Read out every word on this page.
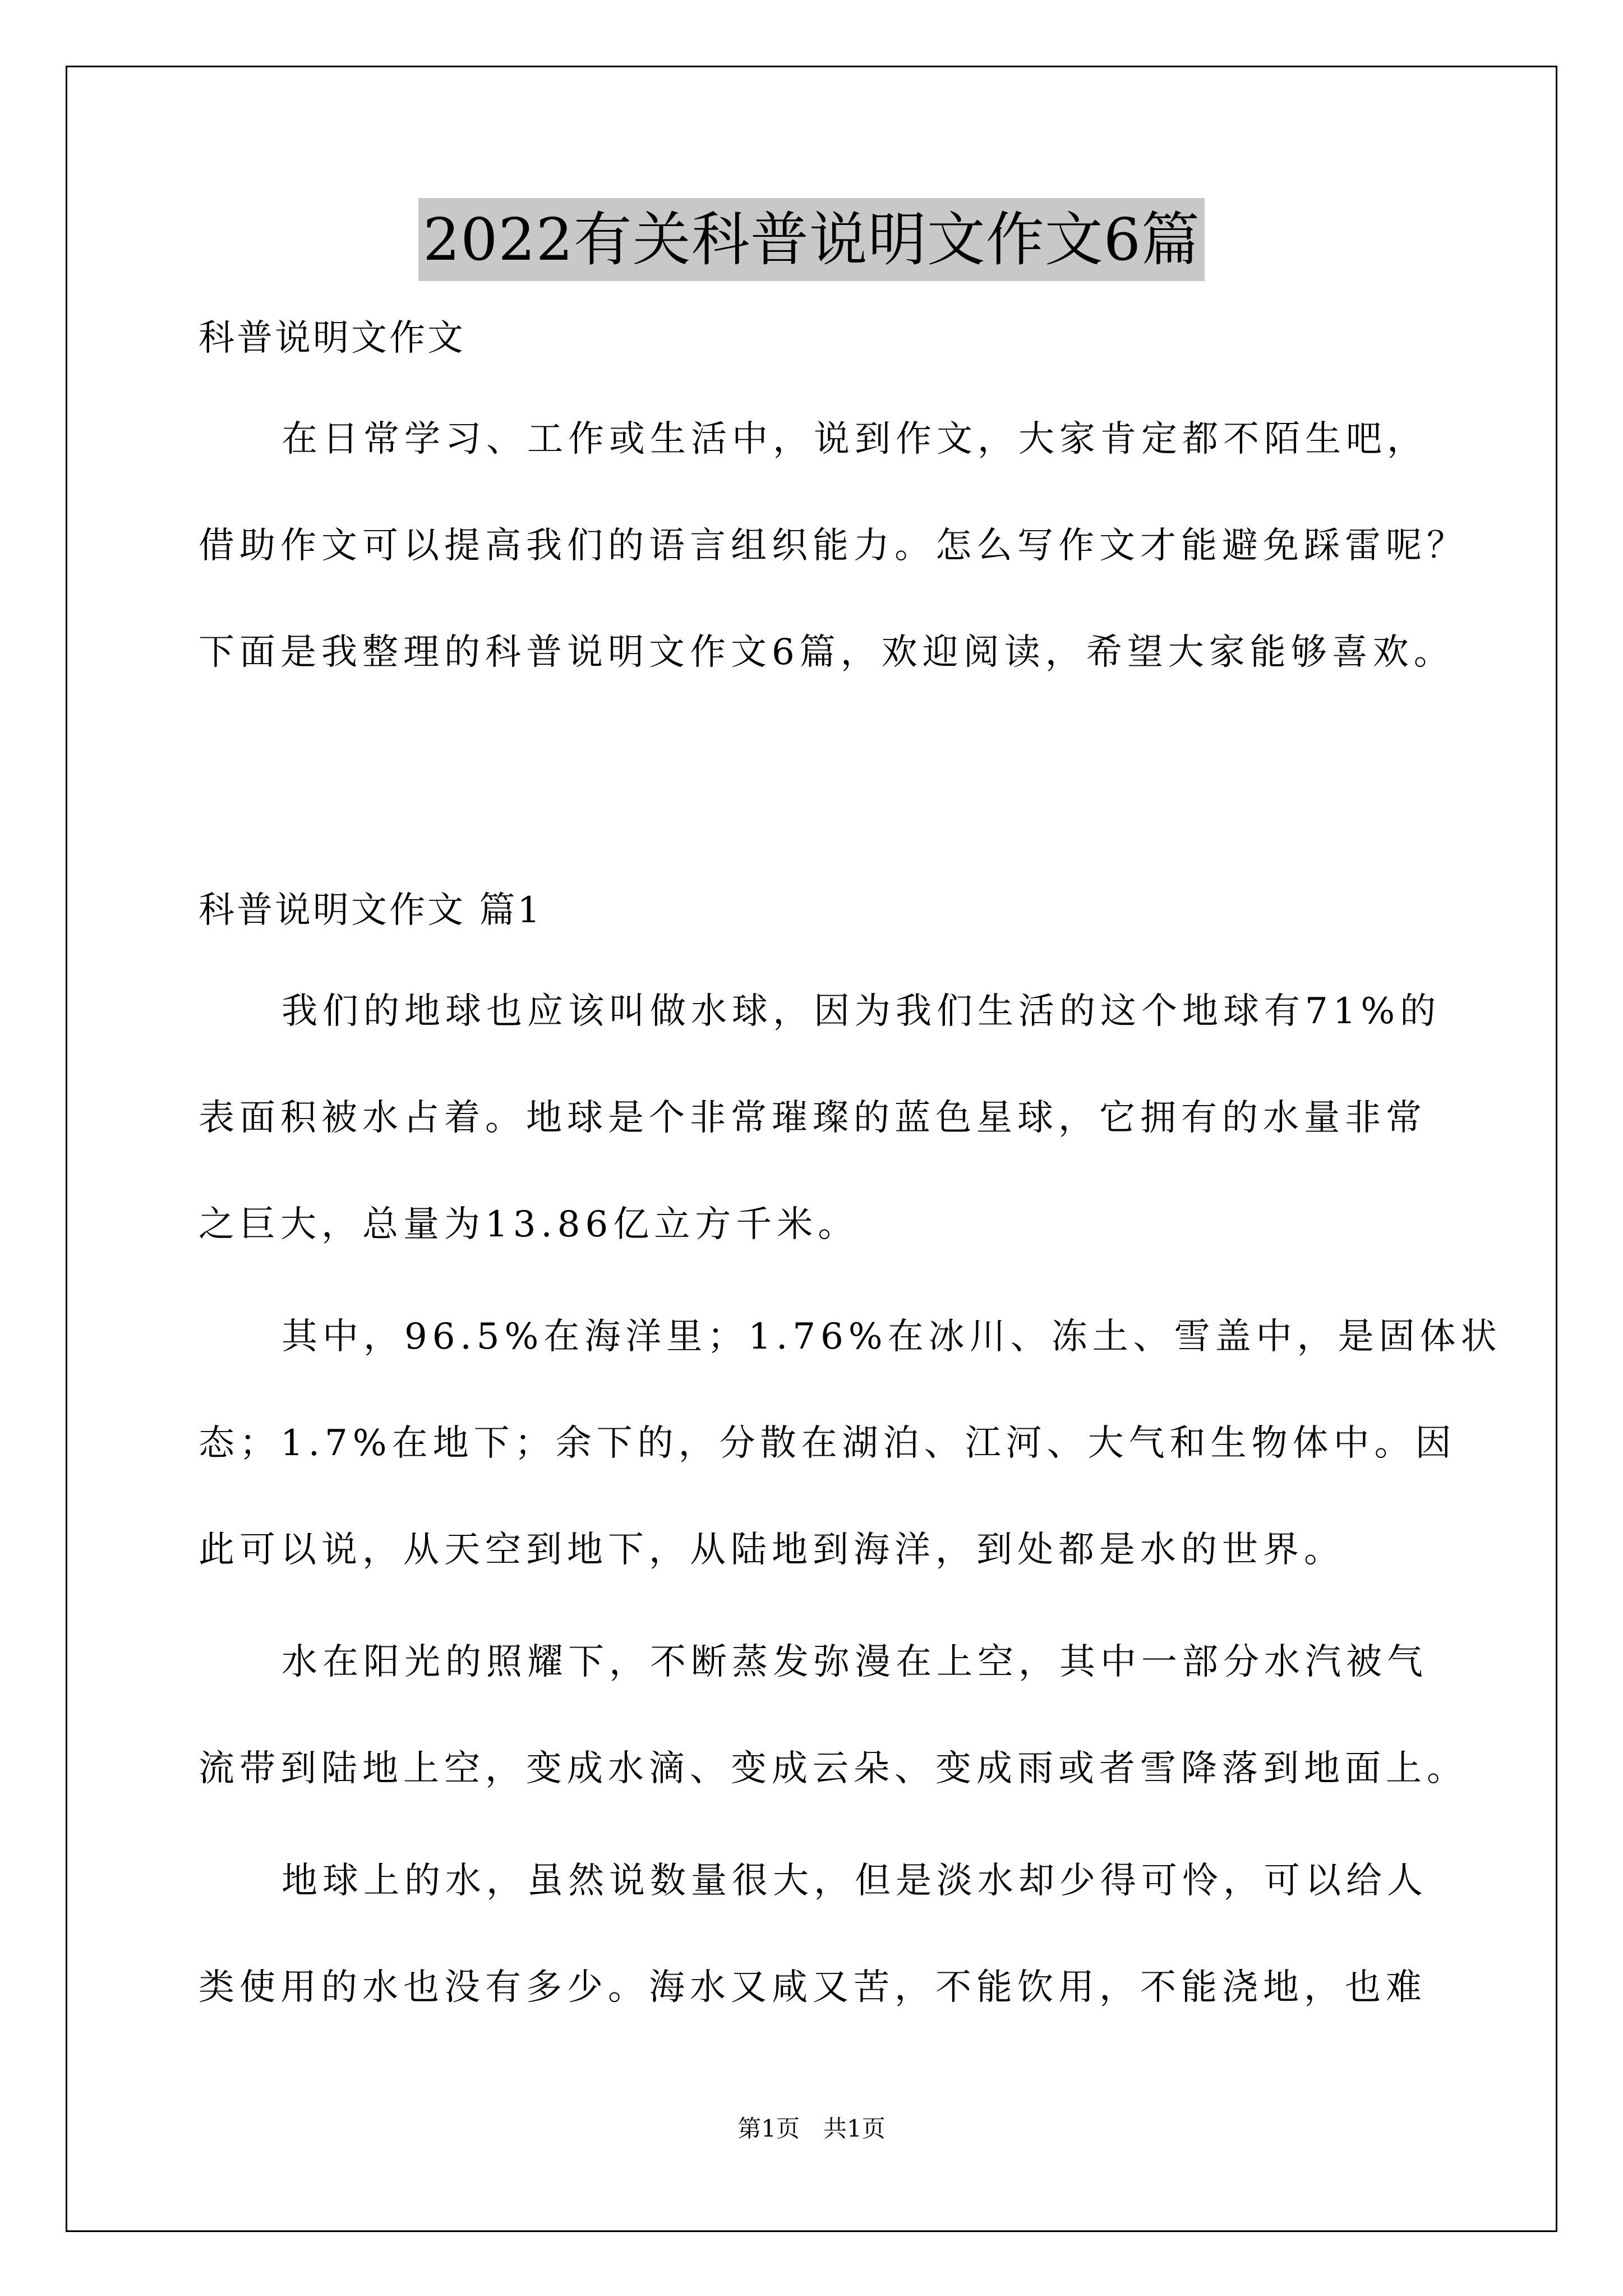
2022有关科普说明文作文6篇
科普说明文作文
在日常学习、工作或生活中，说到作文，大家肯定都不陌生吧，
借助作文可以提高我们的语言组织能力。怎么写作文才能避免踩雷呢？
下面是我整理的科普说明文作文6篇，欢迎阅读，希望大家能够喜欢。
科普说明文作文 篇1
我们的地球也应该叫做水球，因为我们生活的这个地球有71%的
表面积被水占着。地球是个非常璀璨的蓝色星球，它拥有的水量非常
之巨大，总量为13.86亿立方千米。
其中，96.5%在海洋里；1.76%在冰川、冻土、雪盖中，是固体状
态；1.7%在地下；余下的，分散在湖泊、江河、大气和生物体中。因
此可以说，从天空到地下，从陆地到海洋，到处都是水的世界。
水在阳光的照耀下，不断蒸发弥漫在上空，其中一部分水汽被气
流带到陆地上空，变成水滴、变成云朵、变成雨或者雪降落到地面上。
地球上的水，虽然说数量很大，但是淡水却少得可怜，可以给人
类使用的水也没有多少。海水又咸又苦，不能饮用，不能浇地，也难
第1页　共1页
